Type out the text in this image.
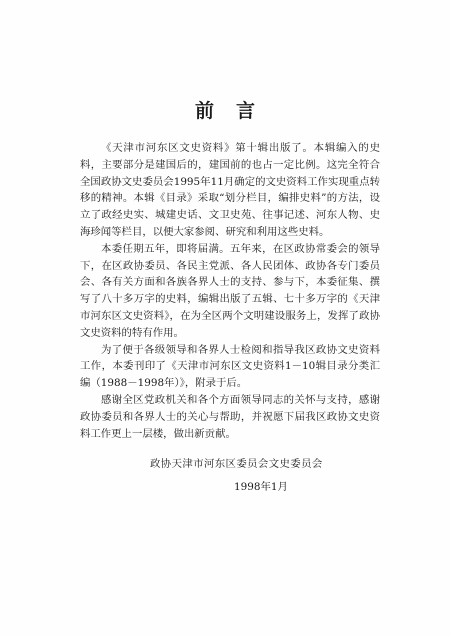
前言

《天津市河东区文史资料》第十辑出版了。本辑编入的史料，主要部分是建国后的，建国前的也占一定比例。这完全符合全国政协文史委员会1995年11月确定的文史资料工作实现重点转移的精神。本辑《目录》采取“划分栏目，编排史料”的方法，设立了政经史实、城建史话、文卫史苑、往事记述、河东人物、史海珍闻等栏目，以便大家参阅、研究和利用这些史料。

本委任期五年，即将届满。五年来，在区政协常委会的领导下，在区政协委员、各民主党派、各人民团体、政协各专门委员会、各有关方面和各族各界人士的支持、参与下，本委征集、撰写了八十多万字的史料，编辑出版了五辑、七十多万字的《天津市河东区文史资料》，在为全区两个文明建设服务上，发挥了政协文史资料的特有作用。

为了便于各级领导和各界人士检阅和指导我区政协文史资料工作，本委刊印了《天津市河东区文史资料1－10辑目录分类汇编（1988－1998年）》，附录于后。

感谢全区党政机关和各个方面领导同志的关怀与支持，感谢政协委员和各界人士的关心与帮助，并祝愿下届我区政协文史资料工作更上一层楼，做出新贡献。

政协天津市河东区委员会文史委员会
1998年1月
